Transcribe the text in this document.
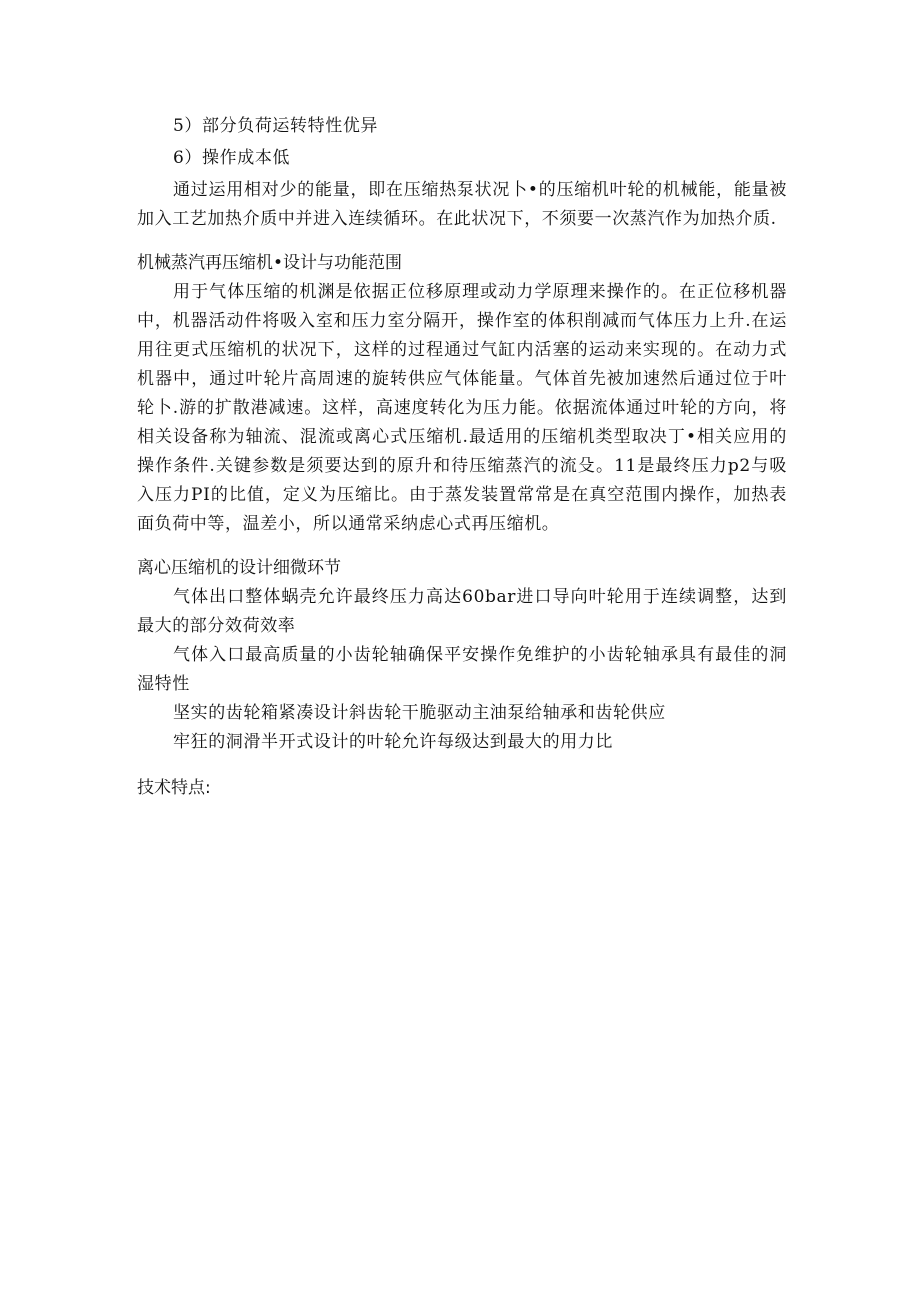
5）部分负荷运转特性优异

6）操作成本低

通过运用相对少的能量，即在压缩热泵状况卜•的压缩机叶轮的机械能，能量被加入工艺加热介质中并进入连续循环。在此状况下，不须要一次蒸汽作为加热介质.

机械蒸汽再压缩机•设计与功能范围

用于气体压缩的机渊是依据正位移原理或动力学原理来操作的。在正位移机器中，机器活动件将吸入室和压力室分隔开，操作室的体积削减而气体压力上升.在运用往更式压缩机的状况下，这样的过程通过气缸内活塞的运动来实现的。在动力式机器中，通过叶轮片高周速的旋转供应气体能量。气体首先被加速然后通过位于叶轮卜.游的扩散港减速。这样，高速度转化为压力能。依据流体通过叶轮的方向，将相关设备称为轴流、混流或离心式压缩机.最适用的压缩机类型取决丁•相关应用的操作条件.关键参数是须要达到的原升和待压缩蒸汽的流殳。11是最终压力p2与吸入压力PI的比值，定义为压缩比。由于蒸发装置常常是在真空范围内操作，加热表面负荷中等，温差小，所以通常采纳虑心式再压缩机。

离心压缩机的设计细微环节

气体出口整体蜗壳允许最终压力高达60bar进口导向叶轮用于连续调整，达到最大的部分效荷效率

气体入口最高质量的小齿轮轴确保平安操作免维护的小齿轮轴承具有最佳的洞湿特性

坚实的齿轮箱紧凑设计斜齿轮干脆驱动主油泵给轴承和齿轮供应

牢狂的洞滑半开式设计的叶轮允许每级达到最大的用力比

技术特点:
